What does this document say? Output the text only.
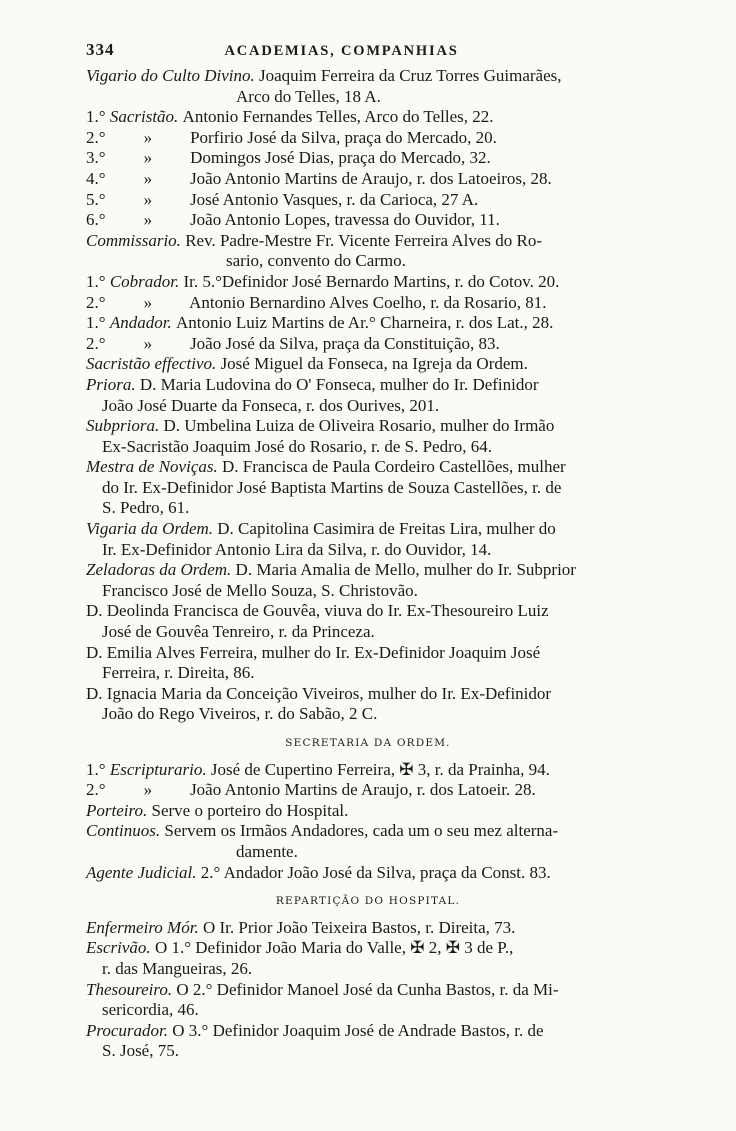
334	ACADEMIAS, COMPANHIAS
Vigario do Culto Divino. Joaquim Ferreira da Cruz Torres Guimarães,
Arco do Telles, 18 A.
1.° Sacristão. Antonio Fernandes Telles, Arco do Telles, 22.
2.° » Porfirio José da Silva, praça do Mercado, 20.
3.° » Domingos José Dias, praça do Mercado, 32.
4.° » João Antonio Martins de Araujo, r. dos Latoeiros, 28.
5.° » José Antonio Vasques, r. da Carioca, 27 A.
6.° » João Antonio Lopes, travessa do Ouvidor, 11.
Commissario. Rev. Padre-Mestre Fr. Vicente Ferreira Alves do Ro-
sario, convento do Carmo.
1.° Cobrador. Ir. 5.°Definidor José Bernardo Martins, r. do Cotov. 20.
2.° » Antonio Bernardino Alves Coelho, r. da Rosario, 81.
1.° Andador. Antonio Luiz Martins de Ar.° Charneira, r. dos Lat., 28.
2.° » João José da Silva, praça da Constituição, 83.
Sacristão effectivo. José Miguel da Fonseca, na Igreja da Ordem.
Priora. D. Maria Ludovina do O' Fonseca, mulher do Ir. Definidor
João José Duarte da Fonseca, r. dos Ourives, 201.
Subpriora. D. Umbelina Luiza de Oliveira Rosario, mulher do Irmão
Ex-Sacristão Joaquim José do Rosario, r. de S. Pedro, 64.
Mestra de Noviças. D. Francisca de Paula Cordeiro Castellões, mulher
do Ir. Ex-Definidor José Baptista Martins de Souza Castellões, r. de
S. Pedro, 61.
Vigaria da Ordem. D. Capitolina Casimira de Freitas Lira, mulher do
Ir. Ex-Definidor Antonio Lira da Silva, r. do Ouvidor, 14.
Zeladoras da Ordem. D. Maria Amalia de Mello, mulher do Ir. Subprior
Francisco José de Mello Souza, S. Christovão.
D. Deolinda Francisca de Gouvêa, viuva do Ir. Ex-Thesoureiro Luiz
José de Gouvêa Tenreiro, r. da Princeza.
D. Emilia Alves Ferreira, mulher do Ir. Ex-Definidor Joaquim José
Ferreira, r. Direita, 86.
D. Ignacia Maria da Conceição Viveiros, mulher do Ir. Ex-Definidor
João do Rego Viveiros, r. do Sabão, 2 C.
SECRETARIA DA ORDEM.
1.° Escripturario. José de Cupertino Ferreira, ✠ 3, r. da Prainha, 94.
2.° » João Antonio Martins de Araujo, r. dos Latoeir. 28.
Porteiro. Serve o porteiro do Hospital.
Continuos. Servem os Irmãos Andadores, cada um o seu mez alterna-
damente.
Agente Judicial. 2.° Andador João José da Silva, praça da Const. 83.
REPARTIÇÃO DO HOSPITAL.
Enfermeiro Mór. O Ir. Prior João Teixeira Bastos, r. Direita, 73.
Escrivão. O 1.° Definidor João Maria do Valle, ✠ 2, ✠ 3 de P.,
r. das Mangueiras, 26.
Thesoureiro. O 2.° Definidor Manoel José da Cunha Bastos, r. da Mi-
sericordia, 46.
Procurador. O 3.° Definidor Joaquim José de Andrade Bastos, r. de
S. José, 75.
